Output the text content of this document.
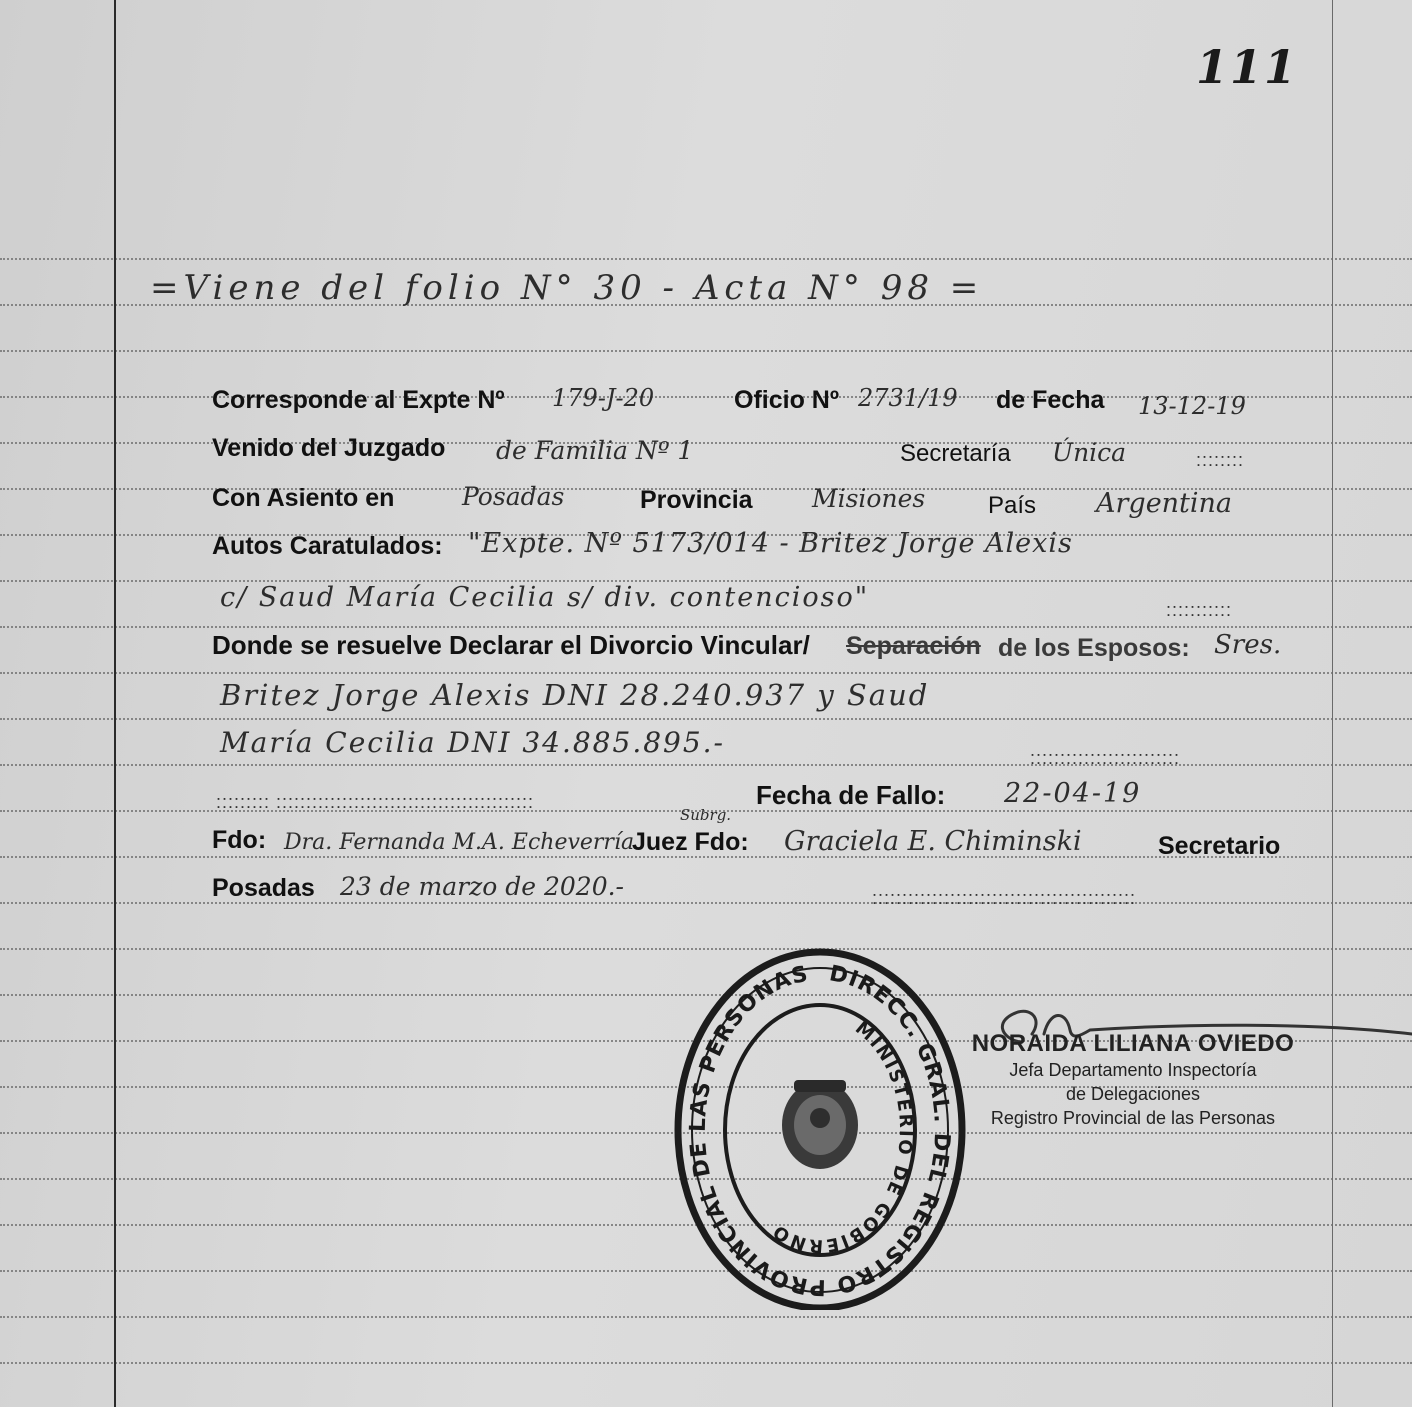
111
=Viene del folio N° 30 - Acta N° 98 =
Corresponde al Expte Nº 179-J-20	Oficio Nº 2731/19 de Fecha 13-12-19
Venido del Juzgado de Familia Nº 1	Secretaría Única	::::::::
Con Asiento en	Posadas	Provincia Misiones	País Argentina
Autos Caratulados: "Expte. Nº 5173/014 - Britez Jorge Alexis
c/ Saud María Cecilia s/ div. contencioso"	:::::::::::
Donde se resuelve Declarar el Divorcio Vincular/ Separación de los Esposos: Sres.
Britez Jorge Alexis DNI 28.240.937 y Saud
María Cecilia DNI 34.885.895.-	:::::::::::::::::::::::::
::::::::: :::::::::::::::::::::::::::::::::::::::::::	Fecha de Fallo: 22-04-19
Fdo: Dra. Fernanda M.A. Echeverría
Subrg.
Juez Fdo: Graciela E. Chiminski	Secretario
Posadas 23 de marzo de 2020.-	::::::::::::::::::::::::::::::::::::::::::::
DIRECC. GRAL. DEL REGISTRO PROVINCIAL DE LAS PERSONAS
MINISTERIO DE GOBIERNO
NORAIDA LILIANA OVIEDO
Jefa Departamento Inspectoría
de Delegaciones
Registro Provincial de las Personas
